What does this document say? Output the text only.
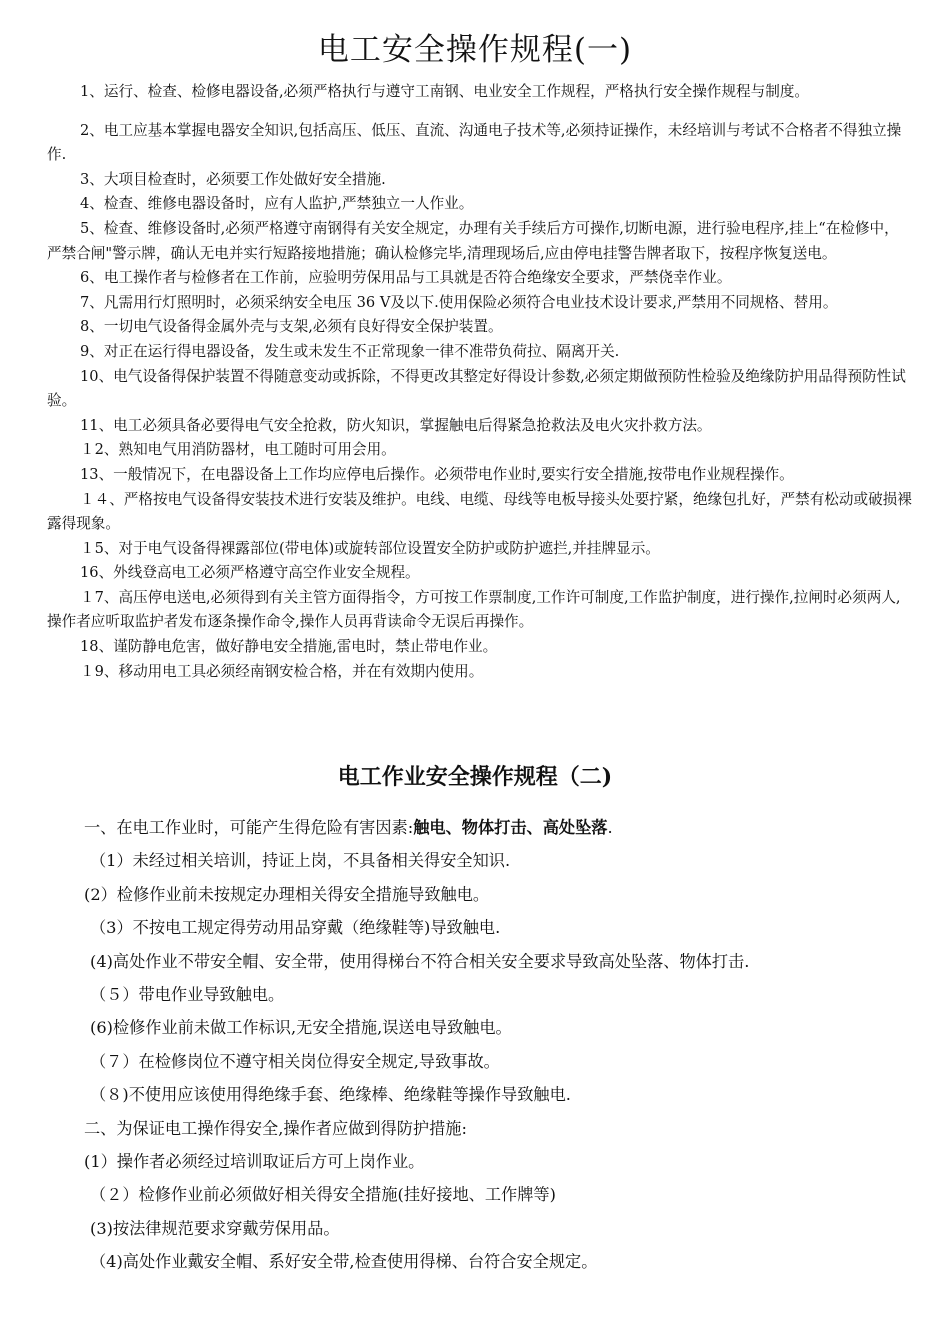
电工安全操作规程(一)

1、运行、检查、检修电器设备,必须严格执行与遵守工南钢、电业安全工作规程，严格执行安全操作规程与制度。

2、电工应基本掌握电器安全知识,包括高压、低压、直流、沟通电子技术等,必须持证操作，未经培训与考试不合格者不得独立操作.

3、大项目检查时，必须要工作处做好安全措施.

4、检查、维修电器设备时，应有人监护,严禁独立一人作业。

5、检查、维修设备时,必须严格遵守南钢得有关安全规定，办理有关手续后方可操作,切断电源，进行验电程序,挂上“在检修中，严禁合闸"警示牌，确认无电并实行短路接地措施；确认检修完毕,清理现场后,应由停电挂警告牌者取下，按程序恢复送电。

6、电工操作者与检修者在工作前，应验明劳保用品与工具就是否符合绝缘安全要求，严禁侥幸作业。

7、凡需用行灯照明时，必须采纳安全电压 36 V及以下.使用保险必须符合电业技术设计要求,严禁用不同规格、替用。

8、一切电气设备得金属外壳与支架,必须有良好得安全保护装置。

9、对正在运行得电器设备，发生或未发生不正常现象一律不准带负荷拉、隔离开关.

10、电气设备得保护装置不得随意变动或拆除，不得更改其整定好得设计参数,必须定期做预防性检验及绝缘防护用品得预防性试验。

11、电工必须具备必要得电气安全抢救，防火知识，掌握触电后得紧急抢救法及电火灾扑救方法。

１2、熟知电气用消防器材，电工随时可用会用。

13、一般情况下，在电器设备上工作均应停电后操作。必须带电作业时,要实行安全措施,按带电作业规程操作。

１４、严格按电气设备得安装技术进行安装及维护。电线、电缆、母线等电板导接头处要拧紧，绝缘包扎好，严禁有松动或破损裸露得现象。

１5、对于电气设备得裸露部位(带电体)或旋转部位设置安全防护或防护遮拦,并挂牌显示。

16、外线登高电工必须严格遵守高空作业安全规程。

１7、高压停电送电,必须得到有关主管方面得指令，方可按工作票制度,工作许可制度,工作监护制度，进行操作,拉闸时必须两人,操作者应听取监护者发布逐条操作命令,操作人员再背读命令无误后再操作。

18、谨防静电危害，做好静电安全措施,雷电时，禁止带电作业。

１9、移动用电工具必须经南钢安检合格，并在有效期内使用。

电工作业安全操作规程（二)

一、在电工作业时，可能产生得危险有害因素:触电、物体打击、高处坠落.

（1）未经过相关培训，持证上岗，不具备相关得安全知识.

(2）检修作业前未按规定办理相关得安全措施导致触电。

（3）不按电工规定得劳动用品穿戴（绝缘鞋等)导致触电.

(4)高处作业不带安全帽、安全带，使用得梯台不符合相关安全要求导致高处坠落、物体打击.

（５）带电作业导致触电。

(6)检修作业前未做工作标识,无安全措施,误送电导致触电。

（７）在检修岗位不遵守相关岗位得安全规定,导致事故。

（８)不使用应该使用得绝缘手套、绝缘棒、绝缘鞋等操作导致触电.

二、为保证电工操作得安全,操作者应做到得防护措施:

(1）操作者必须经过培训取证后方可上岗作业。

（２）检修作业前必须做好相关得安全措施(挂好接地、工作牌等)

(3)按法律规范要求穿戴劳保用品。

（4)高处作业戴安全帽、系好安全带,检查使用得梯、台符合安全规定。
